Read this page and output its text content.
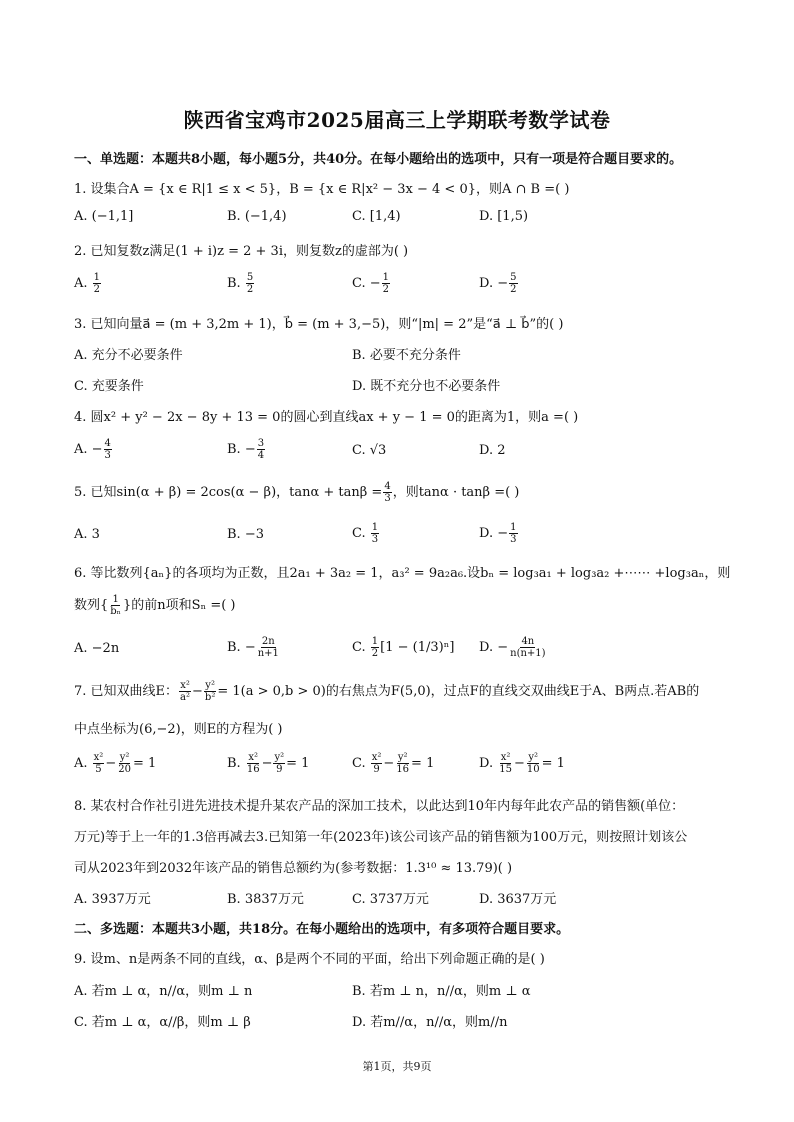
陕西省宝鸡市2025届高三上学期联考数学试卷
一、单选题：本题共8小题，每小题5分，共40分。在每小题给出的选项中，只有一项是符合题目要求的。
1. 设集合A = {x ∈ R|1 ≤ x < 5}，B = {x ∈ R|x² − 3x − 4 < 0}，则A ∩ B =( )
A. (−1,1]	B. (−1,4)	C. [1,4)	D. [1,5)
2. 已知复数z满足(1 + i)z = 2 + 3i，则复数z的虚部为( )
A. $\frac{1}{2}$	B. $\frac{5}{2}$	C. − $\frac{1}{2}$	D. − $\frac{5}{2}$
3. 已知向量a⃗ = (m + 3,2m + 1)，b⃗ = (m + 3,−5)，则“|m| = 2”是“a⃗ ⊥ b⃗”的( )
A. 充分不必要条件	B. 必要不充分条件
C. 充要条件	D. 既不充分也不必要条件
4. 圆x² + y² − 2x − 8y + 13 = 0的圆心到直线ax + y − 1 = 0的距离为1，则a =( )
A. − $\frac{4}{3}$	B. − $\frac{3}{4}$	C. √3	D. 2
5. 已知sin(α + β) = 2cos(α − β)，$\tan\alpha + \tan\beta = \frac{4}{3}$ ，则tanα · tanβ =( )
A. 3	B. −3	C. $\frac{1}{3}$	D. − $\frac{1}{3}$
6. 等比数列{aₙ}的各项均为正数，且2a₁ + 3a₂ = 1，a₃² = 9a₂a₆.设bₙ = log₃a₁ + log₃a₂ +⋯⋯ +log₃aₙ，则
数列{ $\frac{1}{\text{bₙ}}$ }的前n项和Sₙ =( )
A. −2n	B. − $\frac{2n}{n+1}$	C. $\frac{1}{2} [1 - (1/3)^n] D$. − $\frac{4n}{n(n+1)}$
7. 已知双曲线E： $\frac{\text{x²}}{\text{a²}} - \frac{\text{y²}}{\text{b²}} = 1(a > 0,b > 0)$的右焦点为F(5,0)，过点F的直线交双曲线E于A、B两点.若AB的
中点坐标为(6,−2)，则E的方程为( )
A. $\frac{\text{x²}}{5} - \frac{\text{y²}}{20} = 1$	B. $\frac{\text{x²}}{16} - \frac{\text{y²}}{9} = 1$	C. $\frac{\text{x²}}{9} - \frac{\text{y²}}{16} = 1$	D. $\frac{\text{x²}}{15} - \frac{\text{y²}}{10} = 1$
8. 某农村合作社引进先进技术提升某农产品的深加工技术，以此达到10年内每年此农产品的销售额(单位：
万元)等于上一年的1.3倍再减去3.已知第一年(2023年)该公司该产品的销售额为100万元，则按照计划该公
司从2023年到2032年该产品的销售总额约为(参考数据：1.3¹⁰ ≈ 13.79)( )
A. 3937万元	B. 3837万元	C. 3737万元	D. 3637万元
二、多选题：本题共3小题，共18分。在每小题给出的选项中，有多项符合题目要求。
9. 设m、n是两条不同的直线，α、β是两个不同的平面，给出下列命题正确的是( )
A. 若m ⊥ α，n//α，则m ⊥ n	B. 若m ⊥ n，n//α，则m ⊥ α
C. 若m ⊥ α，α//β，则m ⊥ β	D. 若m//α，n//α，则m//n
第1页，共9页
